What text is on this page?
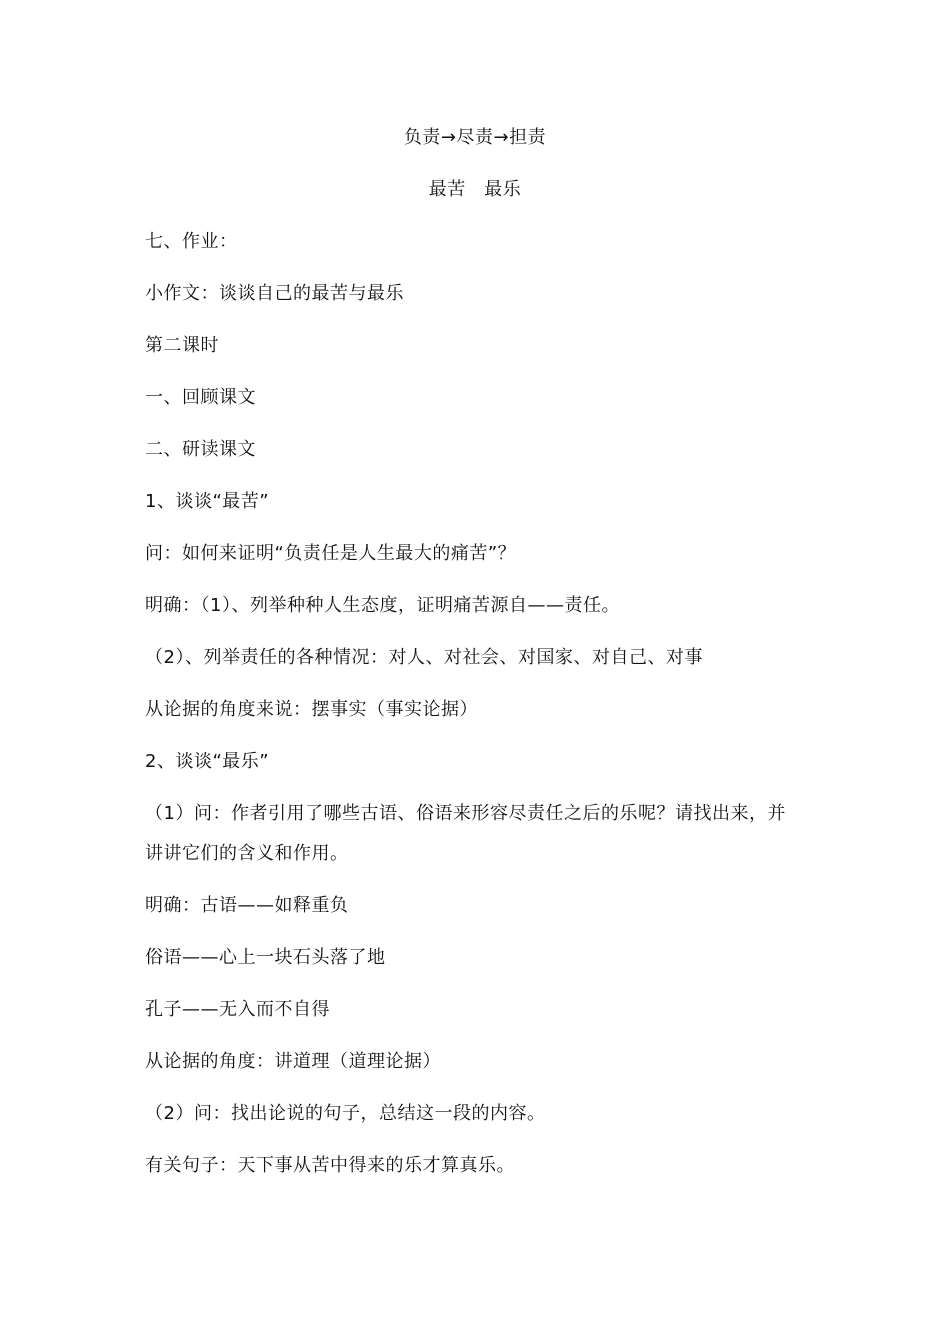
负责→尽责→担责
最苦　最乐
七、作业：
小作文：谈谈自己的最苦与最乐
第二课时
一、回顾课文
二、研读课文
1、谈谈“最苦”
问：如何来证明“负责任是人生最大的痛苦”？
明确：（1）、列举种种人生态度，证明痛苦源自——责任。
（2）、列举责任的各种情况：对人、对社会、对国家、对自己、对事
从论据的角度来说：摆事实（事实论据）
2、谈谈“最乐”
（1）问：作者引用了哪些古语、俗语来形容尽责任之后的乐呢？请找出来，并
讲讲它们的含义和作用。
明确：古语——如释重负
俗语——心上一块石头落了地
孔子——无入而不自得
从论据的角度：讲道理（道理论据）
（2）问：找出论说的句子，总结这一段的内容。
有关句子：天下事从苦中得来的乐才算真乐。
